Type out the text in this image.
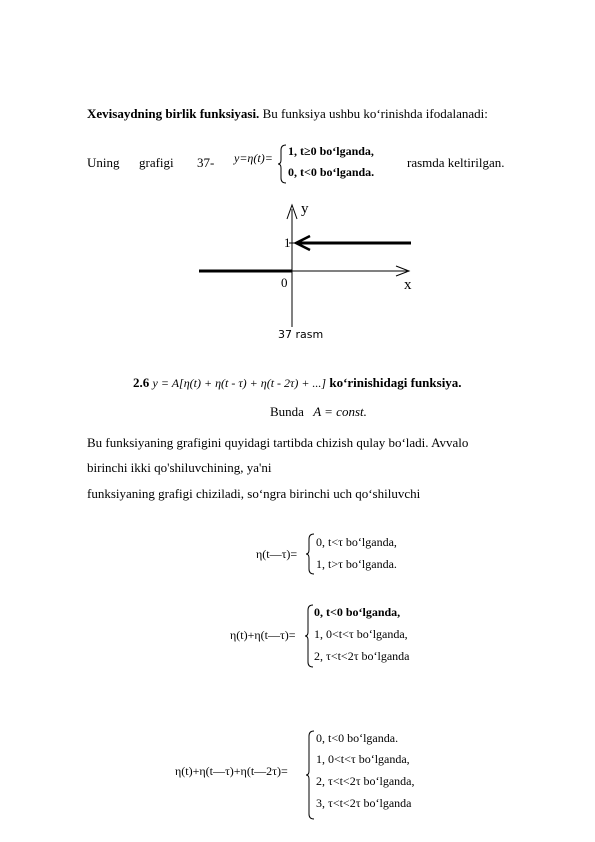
Xevisaydning birlik funksiyasi. Bu funksiya ushbu ko‘rinishda ifodalanadi:
Uning grafigi 37- y=η(t)= 1, t≥0 bo‘lganda,
0, t<0 bo‘lganda.
rasmda keltirilgan.
y
x
1
0
37 rasm
2.6 y = A[η(t) + η(t - τ) + η(t - 2τ) + ...] ko‘rinishidagi funksiya.
Bunda A = const.
Bu funksiyaning grafigini quyidagi tartibda chizish qulay bo‘ladi. Avvalo
birinchi ikki qo'shiluvchining, ya'ni
funksiyaning grafigi chiziladi, so‘ngra birinchi uch qo‘shiluvchi
η(t—τ)=
0, t<τ bo‘lganda,
1, t>τ bo‘lganda.
η(t)+η(t—τ)=
0, t<0 bo‘lganda,
1, 0<t<τ bo‘lganda,
2, τ<t<2τ bo‘lganda
η(t)+η(t—τ)+η(t—2τ)=
0, t<0 bo‘lganda.
1, 0<t<τ bo‘lganda,
2, τ<t<2τ bo‘lganda,
3, τ<t<2τ bo‘lganda
